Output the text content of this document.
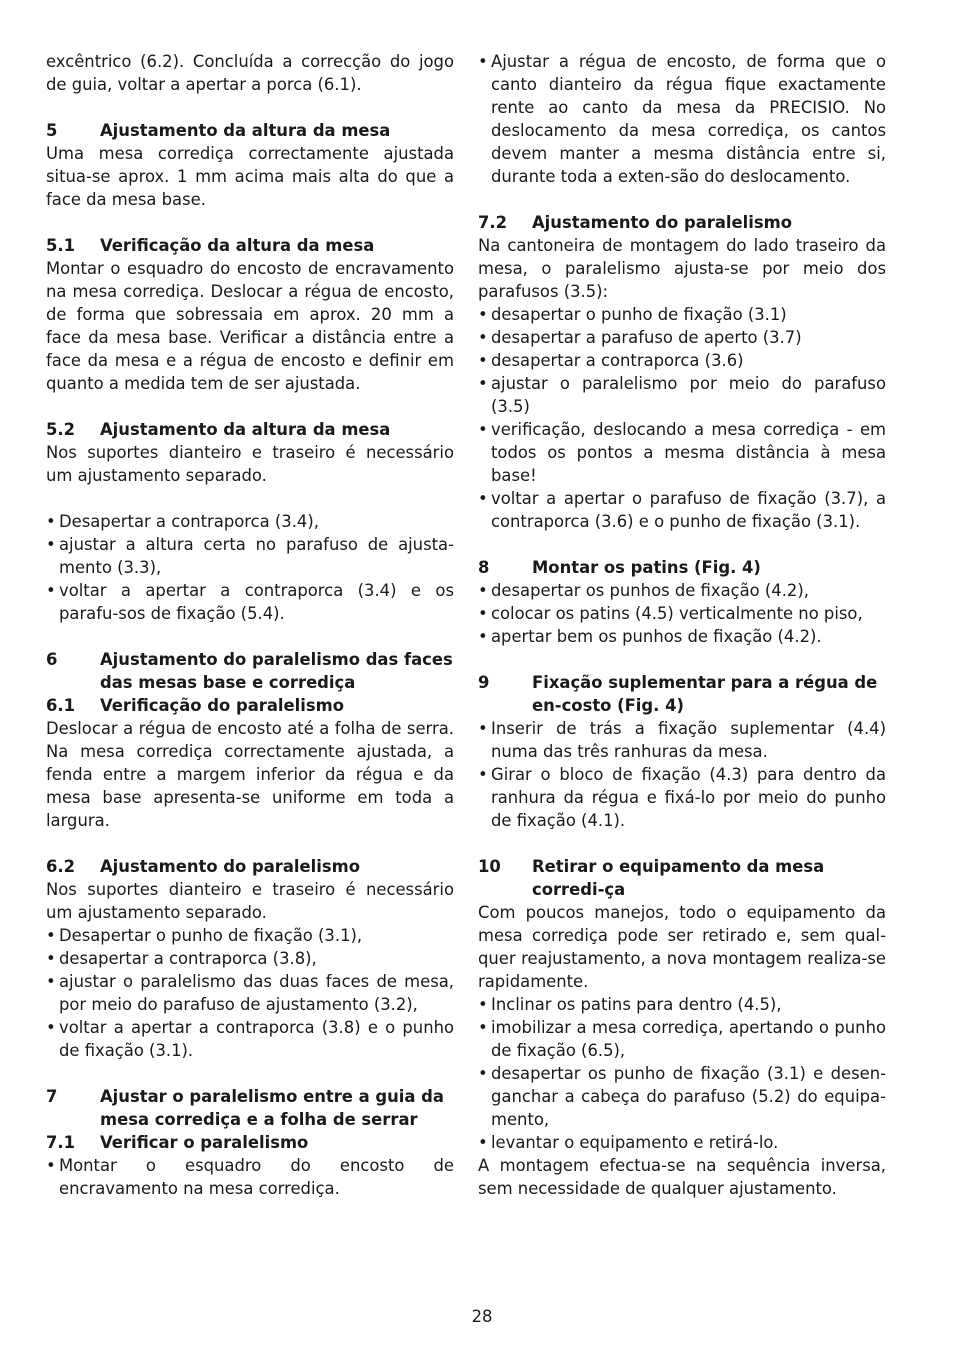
excêntrico (6.2). Concluída a correcção do jogo de guia, voltar a apertar a porca (6.1).

5	Ajustamento da altura da mesa

Uma mesa corrediça correctamente ajustada situa-se aprox. 1 mm acima mais alta do que a face da mesa base.

5.1	Verificação da altura da mesa

Montar o esquadro do encosto de encravamento na mesa corrediça. Deslocar a régua de encosto, de forma que sobressaia em aprox. 20 mm a face da mesa base. Verificar a distância entre a face da mesa e a régua de encosto e definir em quanto a medida tem de ser ajustada.

5.2	Ajustamento da altura da mesa

Nos suportes dianteiro e traseiro é necessário um ajustamento separado.

• Desapertar a contraporca (3.4),
• ajustar a altura certa no parafuso de ajusta-mento (3.3),
• voltar a apertar a contraporca (3.4) e os parafu-sos de fixação (5.4).
6	Ajustamento do paralelismo das faces das mesas base e corrediça
6.1	Verificação do paralelismo

Deslocar a régua de encosto até a folha de serra. Na mesa corrediça correctamente ajustada, a fenda entre a margem inferior da régua e da mesa base apresenta-se uniforme em toda a largura.

6.2	Ajustamento do paralelismo

Nos suportes dianteiro e traseiro é necessário um ajustamento separado.

• Desapertar o punho de fixação (3.1),
• desapertar a contraporca (3.8),
• ajustar o paralelismo das duas faces de mesa, por meio do parafuso de ajustamento (3.2),
• voltar a apertar a contraporca (3.8) e o punho de fixação (3.1).
7	Ajustar o paralelismo entre a guia da mesa corrediça e a folha de serrar
7.1	Verificar o paralelismo
• Montar o esquadro do encosto de encravamento na mesa corrediça.
• Ajustar a régua de encosto, de forma que o canto dianteiro da régua fique exactamente rente ao canto da mesa da PRECISIO. No deslocamento da mesa corrediça, os cantos devem manter a mesma distância entre si, durante toda a exten-são do deslocamento.
7.2	Ajustamento do paralelismo

Na cantoneira de montagem do lado traseiro da mesa, o paralelismo ajusta-se por meio dos parafusos (3.5):

• desapertar o punho de fixação (3.1)
• desapertar a parafuso de aperto (3.7)
• desapertar a contraporca (3.6)
• ajustar o paralelismo por meio do parafuso (3.5)
• verificação, deslocando a mesa corrediça - em todos os pontos a mesma distância à mesa base!
• voltar a apertar o parafuso de fixação (3.7), a contraporca (3.6) e o punho de fixação (3.1).
8	Montar os patins (Fig. 4)
• desapertar os punhos de fixação (4.2),
• colocar os patins (4.5) verticalmente no piso,
• apertar bem os punhos de fixação (4.2).
9	Fixação suplementar para a régua de en-costo (Fig. 4)
• Inserir de trás a fixação suplementar (4.4) numa das três ranhuras da mesa.
• Girar o bloco de fixação (4.3) para dentro da ranhura da régua e fixá-lo por meio do punho de fixação (4.1).
10	Retirar o equipamento da mesa corredi-ça

Com poucos manejos, todo o equipamento da mesa corrediça pode ser retirado e, sem qual-quer reajustamento, a nova montagem realiza-se rapidamente.

• Inclinar os patins para dentro (4.5),
• imobilizar a mesa corrediça, apertando o punho de fixação (6.5),
• desapertar os punho de fixação (3.1) e desen-ganchar a cabeça do parafuso (5.2) do equipa-mento,
• levantar o equipamento e retirá-lo.

A montagem efectua-se na sequência inversa, sem necessidade de qualquer ajustamento.

28
